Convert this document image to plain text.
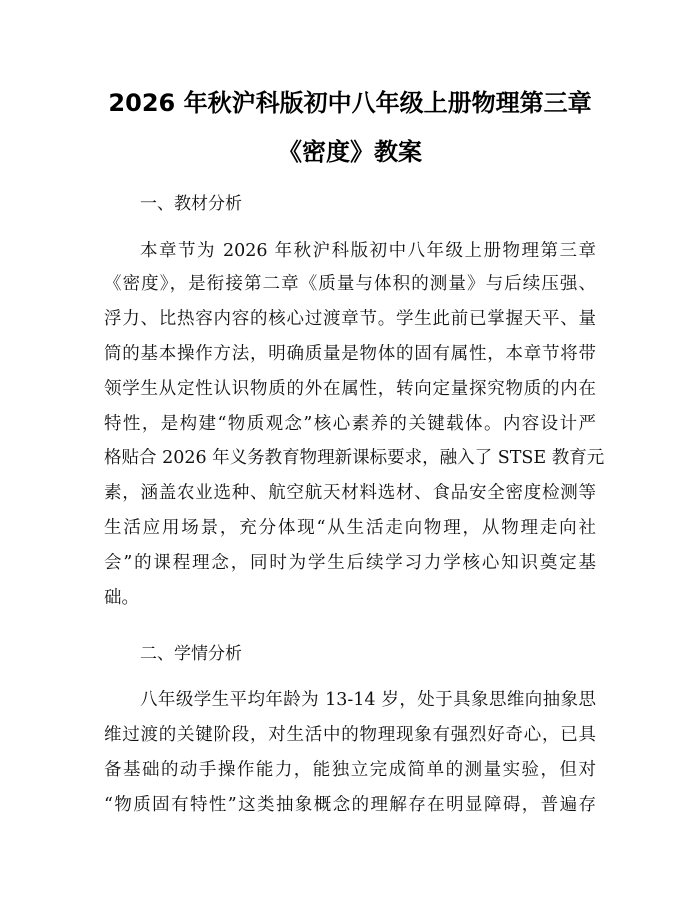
2026 年秋沪科版初中八年级上册物理第三章
《密度》教案
一、教材分析
本章节为 2026 年秋沪科版初中八年级上册物理第三章
《密度》，是衔接第二章《质量与体积的测量》与后续压强、
浮力、比热容内容的核心过渡章节。学生此前已掌握天平、量
筒的基本操作方法，明确质量是物体的固有属性，本章节将带
领学生从定性认识物质的外在属性，转向定量探究物质的内在
特性，是构建“物质观念”核心素养的关键载体。内容设计严
格贴合 2026 年义务教育物理新课标要求，融入了 STSE 教育元
素，涵盖农业选种、航空航天材料选材、食品安全密度检测等
生活应用场景，充分体现“从生活走向物理，从物理走向社
会”的课程理念，同时为学生后续学习力学核心知识奠定基
础。
二、学情分析
八年级学生平均年龄为 13-14 岁，处于具象思维向抽象思
维过渡的关键阶段，对生活中的物理现象有强烈好奇心，已具
备基础的动手操作能力，能独立完成简单的测量实验，但对
“物质固有特性”这类抽象概念的理解存在明显障碍，普遍存
